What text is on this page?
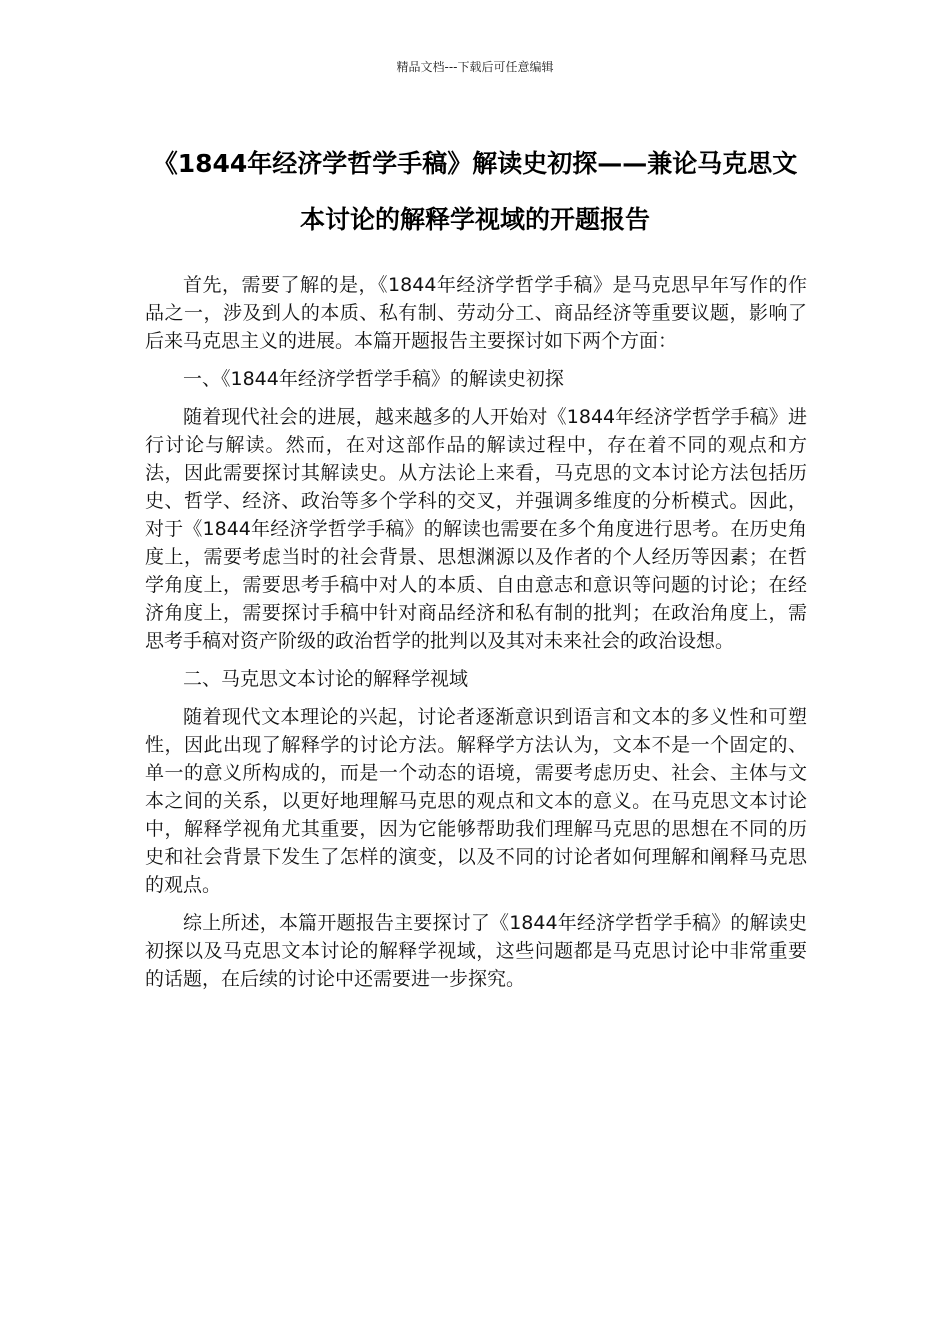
精品文档---下载后可任意编辑
《1844年经济学哲学手稿》解读史初探——兼论马克思文本讨论的解释学视域的开题报告

首先，需要了解的是，《1844年经济学哲学手稿》是马克思早年写作的作品之一，涉及到人的本质、私有制、劳动分工、商品经济等重要议题，影响了后来马克思主义的进展。本篇开题报告主要探讨如下两个方面：

一、《1844年经济学哲学手稿》的解读史初探

随着现代社会的进展，越来越多的人开始对《1844年经济学哲学手稿》进行讨论与解读。然而，在对这部作品的解读过程中，存在着不同的观点和方法，因此需要探讨其解读史。从方法论上来看，马克思的文本讨论方法包括历史、哲学、经济、政治等多个学科的交叉，并强调多维度的分析模式。因此，对于《1844年经济学哲学手稿》的解读也需要在多个角度进行思考。在历史角度上，需要考虑当时的社会背景、思想渊源以及作者的个人经历等因素；在哲学角度上，需要思考手稿中对人的本质、自由意志和意识等问题的讨论；在经济角度上，需要探讨手稿中针对商品经济和私有制的批判；在政治角度上，需思考手稿对资产阶级的政治哲学的批判以及其对未来社会的政治设想。

二、马克思文本讨论的解释学视域

随着现代文本理论的兴起，讨论者逐渐意识到语言和文本的多义性和可塑性，因此出现了解释学的讨论方法。解释学方法认为，文本不是一个固定的、单一的意义所构成的，而是一个动态的语境，需要考虑历史、社会、主体与文本之间的关系，以更好地理解马克思的观点和文本的意义。在马克思文本讨论中，解释学视角尤其重要，因为它能够帮助我们理解马克思的思想在不同的历史和社会背景下发生了怎样的演变，以及不同的讨论者如何理解和阐释马克思的观点。

综上所述，本篇开题报告主要探讨了《1844年经济学哲学手稿》的解读史初探以及马克思文本讨论的解释学视域，这些问题都是马克思讨论中非常重要的话题，在后续的讨论中还需要进一步探究。
